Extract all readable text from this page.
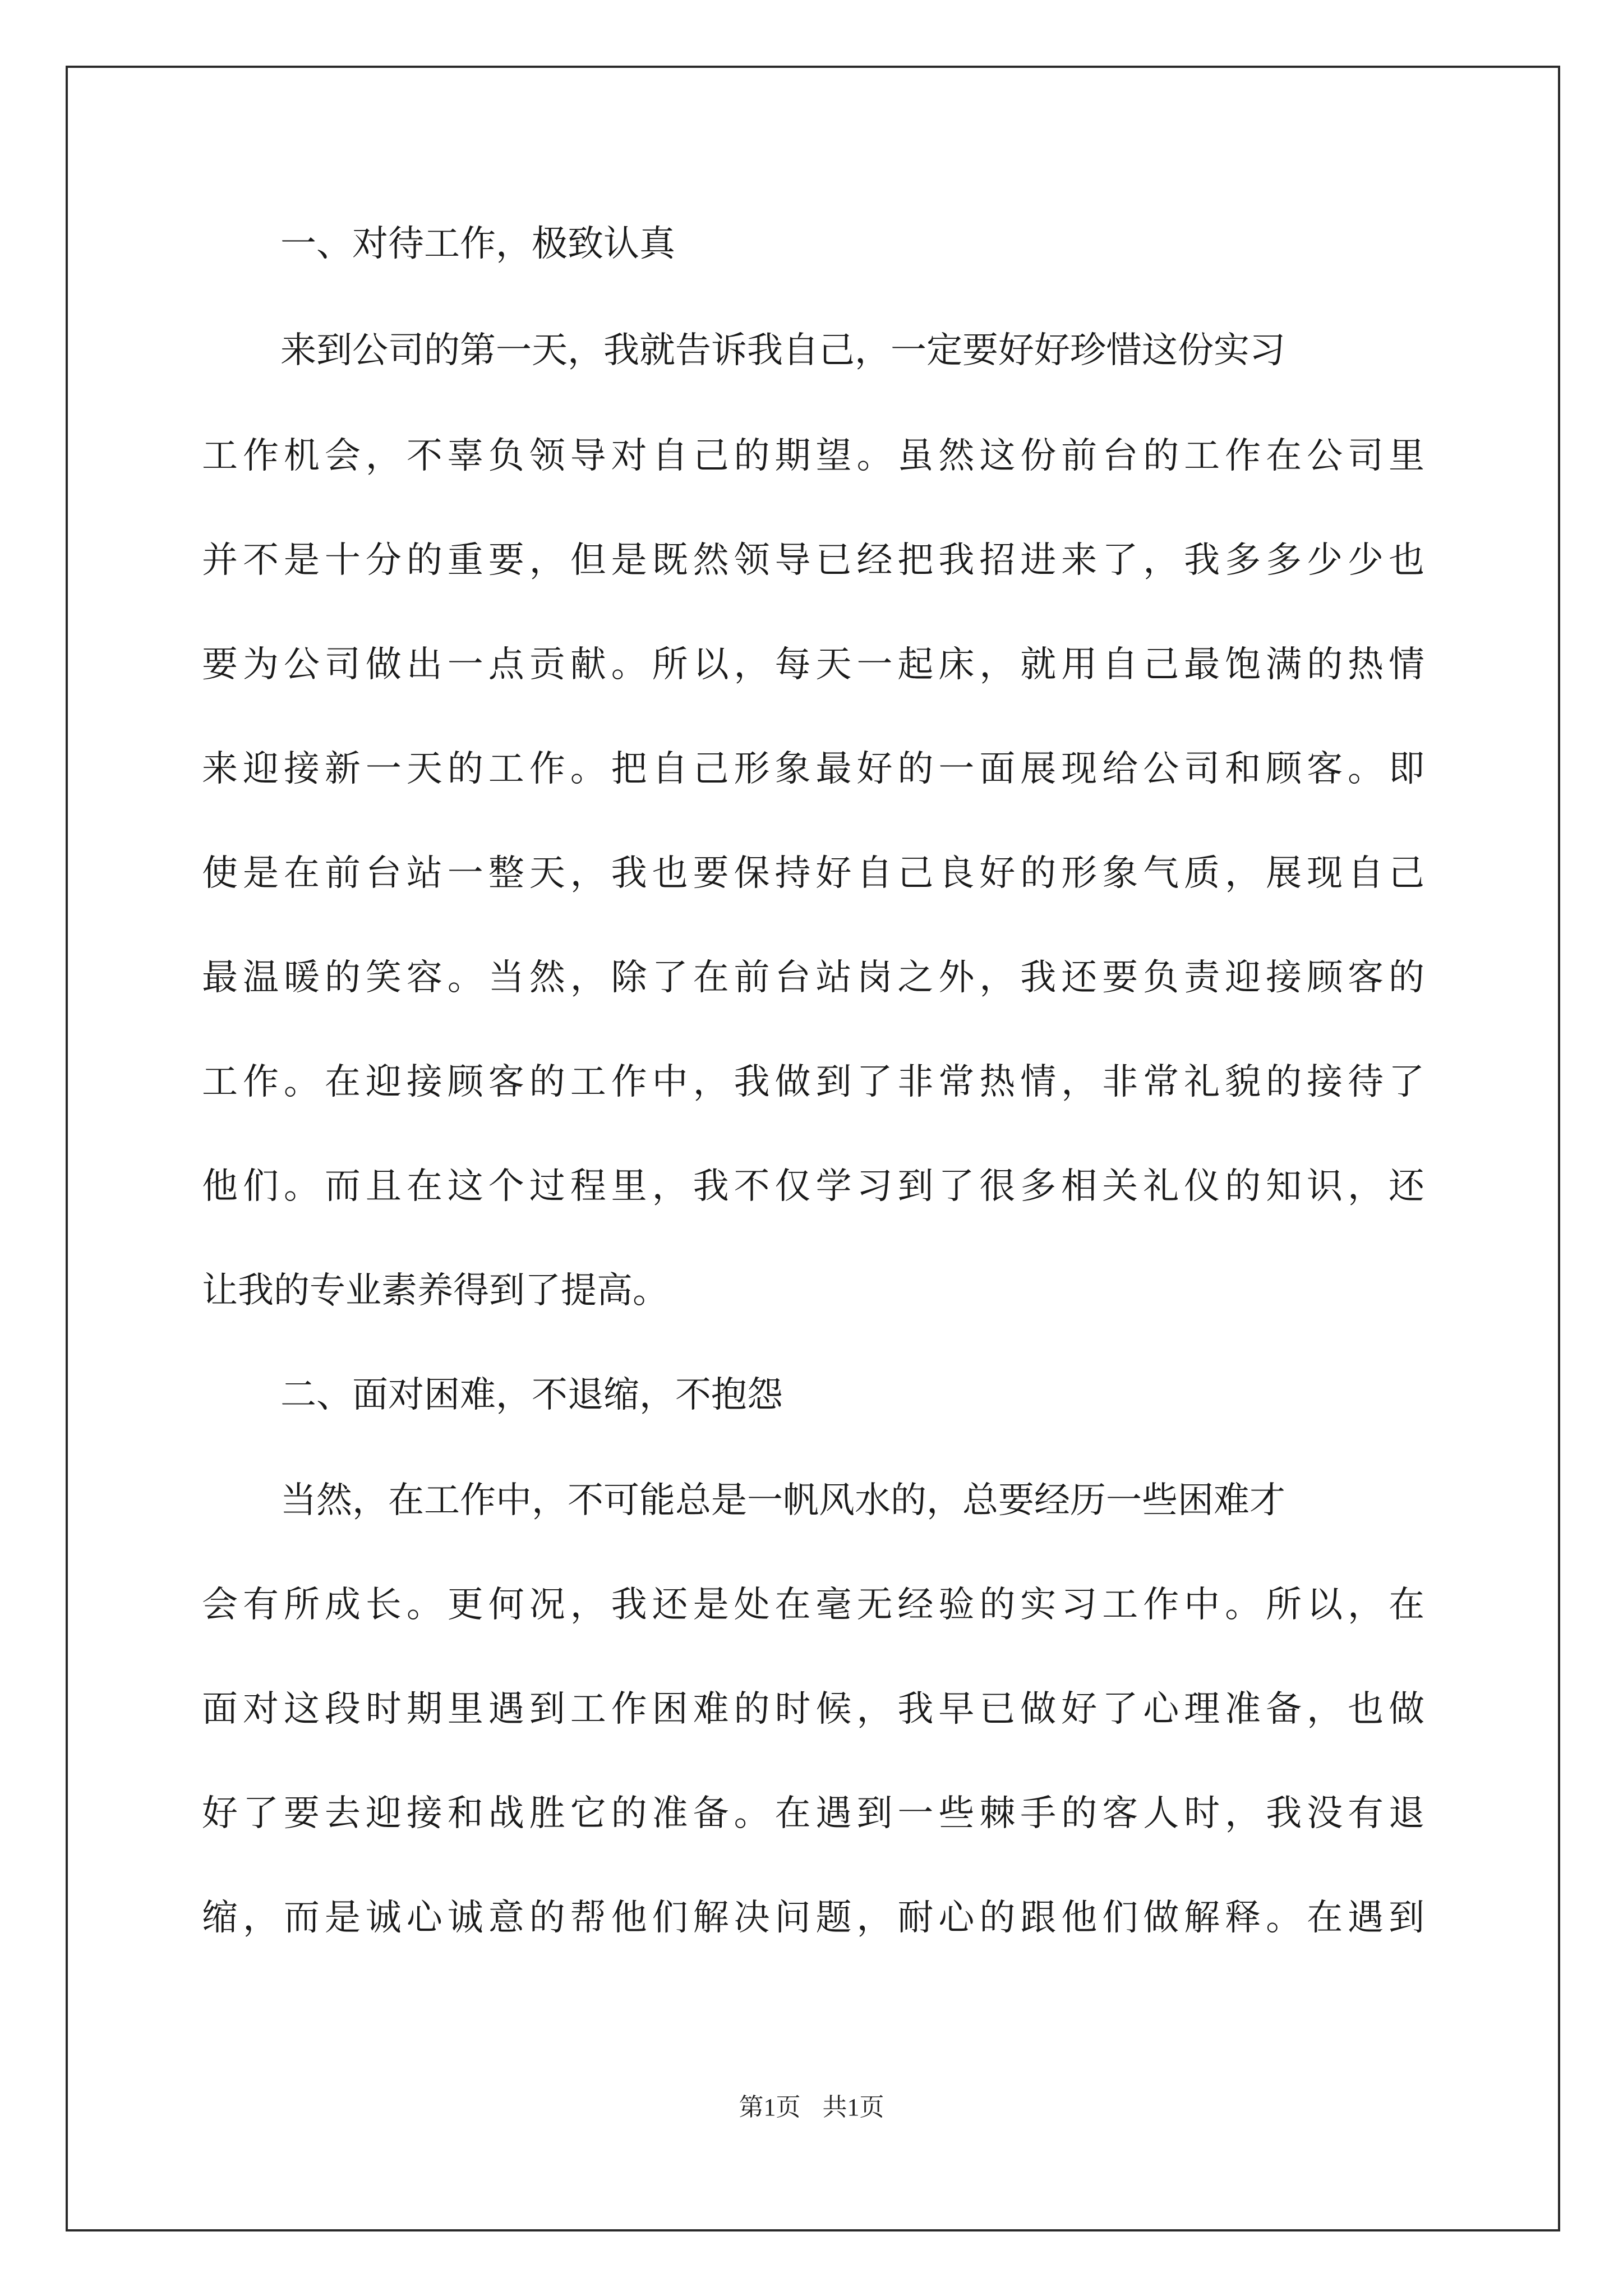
一、对待工作，极致认真
来到公司的第一天，我就告诉我自己，一定要好好珍惜这份实习
工作机会，不辜负领导对自己的期望。虽然这份前台的工作在公司里
并不是十分的重要，但是既然领导已经把我招进来了，我多多少少也
要为公司做出一点贡献。所以，每天一起床，就用自己最饱满的热情
来迎接新一天的工作。把自己形象最好的一面展现给公司和顾客。即
使是在前台站一整天，我也要保持好自己良好的形象气质，展现自己
最温暖的笑容。当然，除了在前台站岗之外，我还要负责迎接顾客的
工作。在迎接顾客的工作中，我做到了非常热情，非常礼貌的接待了
他们。而且在这个过程里，我不仅学习到了很多相关礼仪的知识，还
让我的专业素养得到了提高。
二、面对困难，不退缩，不抱怨
当然，在工作中，不可能总是一帆风水的，总要经历一些困难才
会有所成长。更何况，我还是处在毫无经验的实习工作中。所以，在
面对这段时期里遇到工作困难的时候，我早已做好了心理准备，也做
好了要去迎接和战胜它的准备。在遇到一些棘手的客人时，我没有退
缩，而是诚心诚意的帮他们解决问题，耐心的跟他们做解释。在遇到
第1页 共1页
